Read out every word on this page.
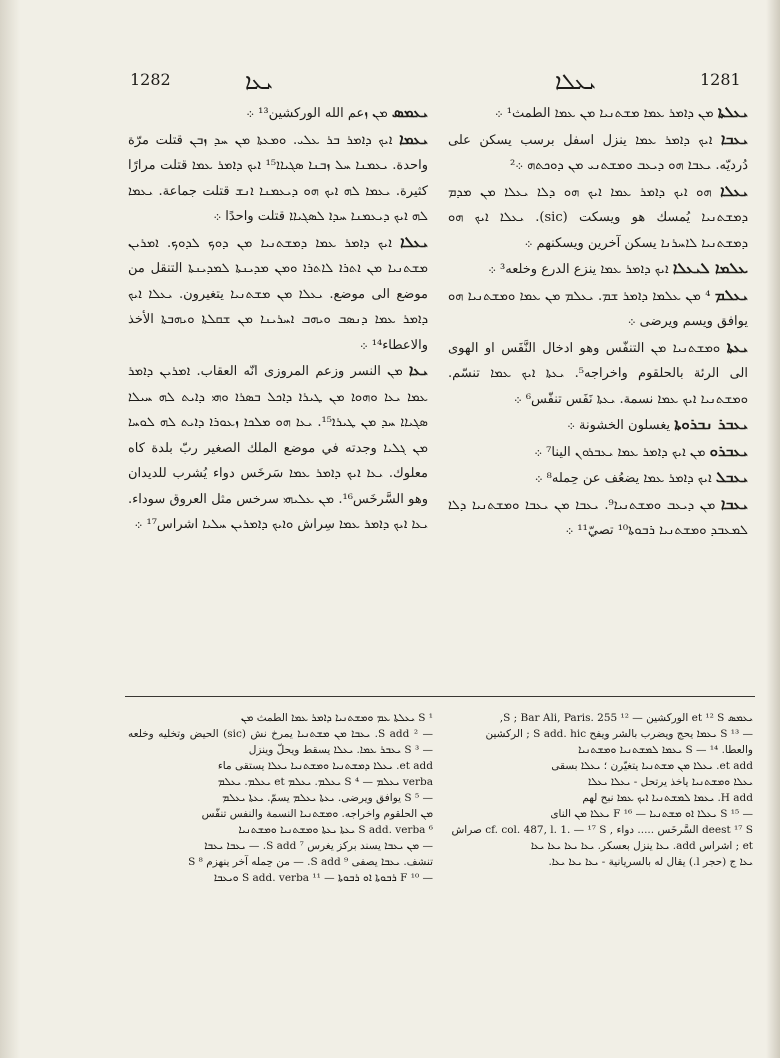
1282	ܝܥܐ	ܝܥܠܐ	1281

ܝܥܡܣ ܡܢ ܙعم الله الوركشين¹³ ܀

ܝܥܡܐ ܐܝܟ ܕܐܡܪ ܒܪ ܥܠܝ. ܘܡܥܬܐ ܡܢ ܚܕ ܙܒܢ قتلت مرّة واحدة. ܝܥܡܢܐ ܚܠ ܙܒܢܐ ܣܓܝܐܐ¹⁵ ܐܝܟ ܕܐܡܪ ܥܡܐ قتلت مرارًا كثيرة. ܝܥܡܐ ܠܗ ܐܝܟ ܗܘ ܕܝܥܡܢܐ ܐܢܫ قتلت جماعة. ܝܥܡܐ ܠܗ ܐܝܟ ܕܝܥܡܢܐ ܚܕܐ ܠܣܓܝܐܐ قتلت واحدًا ܀

ܝܥܠܐ ܐܝܟ ܕܐܡܪ ܥܡܐ ܕܡܫܬܢܝܐ ܡܢ ܕܘܟ ܠܕܘܟ. ܐܡܪܝܢ ܡܫܬܢܝܐ ܡܢ ܐܬܪܐ ܠܐܬܪܐ ܘܡܢ ܡܕܝܢܬܐ ܠܡܕܝܢܬܐ التنقل من موضع الى موضع. ܝܥܠܐ ܡܢ ܡܫܬܢܝܐ يتغيرون. ܝܥܠܐ ܐܝܟ ܕܐܡܪ ܥܡܐ ܕܢܣܒ ܘܝܗܒ ܐܚܪܝܢܐ ܡܢ ܫܩܠܬܐ ܘܝܗܒܬܐ الأخذ والاعطاء¹⁴ ܀

ܝܥܐ ܡܢ النسر وزعم المروزى انّه العقاب. ܐܡܪܝܢ ܕܐܡܪ ܥܡܐ ܝܥܐ ܘܗܘܐ ܡܢ ܛܝܪܐ ܕܐܟܠ ܒܣܪܐ ܘܗܝ ܕܐܝܬ ܠܗ ܚܝܠܐ ܣܓܝܐܐ ܚܕ ܡܢ ܛܝܪܐ¹⁵. ܝܥܐ ܗܘ ܡܠܟܐ ܙܥܘܪܐ ܕܐܝܬ ܠܗ ܠܘܚܐ ܡܢ ܓܠܝܐ وجدته في موضع الملك الصغير ربّ بلدة كاه معلوك. ܝܥܐ ܐܝܟ ܕܐܡܪ ܥܡܐ سَرخَس دواء يُشرب للديدان وهو السَّرخَس¹⁶. ܡܢ ܥܠܝܗܝ سرخس مثل العروق سوداء. ܝܥܐ ܐܝܟ ܕܐܡܪ ܥܡܐ سِراش ܘܐܝܟ ܕܐܡܪܝܢ ܚܠܝܐ اشراس¹⁷ ܀

ܝܥܠܬܐ ܡܢ ܕܐܡܪ ܥܡܐ ܡܫܬܢܝܐ ܡܢ ܥܡܐ الطمث¹ ܀

ܝܥܒܐ ܐܝܟ ܕܐܡܪ ܥܡܐ ينزل اسفل برسب يسكن على دُرديّه. ܝܥܒܐ ܗܘ ܕܝܥܒ ܘܡܫܬܢܝ ܡܢ ܕܘܟܬܗ ܀²

ܝܥܠܐ ܗܘ ܐܝܟ ܕܐܡܪ ܥܡܐ ܐܝܟ ܗܘ ܕܠܐ ܝܥܠܐ ܡܢ ܡܕܡ ܕܡܫܬܢܝܐ يُمسك هو ويسكت (sic). ܝܥܠܐ ܐܝܟ ܗܘ ܕܡܫܬܢܝܐ ܠܐܚܪܢܐ يسكن آخرين ويسكنهم ܀

ܥܠܡܐ ܠܝܥܠܐ ܐܝܟ ܕܐܡܪ ܥܡܐ ينزع الدرع وخلعه³ ܀

ܝܥܠܡ ⁴ ܡܢ ܥܠܡܐ ܕܐܡܪ ܫܡ. ܝܥܠܡ ܡܢ ܥܡܐ ܘܡܫܬܢܝܐ ܗܘ يوافق ويسم ويرضى ܀

ܝܥܬܐ ܘܡܫܬܢܝܐ ܡܢ التنفّس وهو ادخال النَّفَس او الهوى الى الرئة بالحلقوم واخراجه⁵. ܝܥܬܐ ܐܝܟ ܥܡܐ تنسّم. ܘܡܫܬܢܝܐ ܐܝܟ ܥܡܐ نسمة. ܝܥܬܐ نَفَس تنفّس⁶ ܀

ܝܥܒܪ ܢܒܪܘܬܐ يغسلون الخشونة ܀

ܝܥܒܪܘ ܡܢ ܐܝܟ ܕܐܡܪ ܥܡܐ ܝܥܒܪܘܢ الينا⁷ ܀

ܝܥܒܠ ܐܝܟ ܕܐܡܪ ܥܡܐ يضعُف عن حِمله⁸ ܀

ܝܥܒܐ ܡܢ ܕܝܥܒ ܘܡܫܬܢܝܐ⁹. ܝܥܒܐ ܡܢ ܝܥܒܐ ܘܡܫܬܢܝܐ ܕܠܐ ܠܡܥܒܕ ܘܡܫܬܢܝܐ ܪܒܘܬܐ¹⁰ تصيّ¹¹ ܀

¹ S ܝܥܠܬܐ ܥܡ ܘܡܫܬܢܝܐ ܕܐܡܪ ܥܡܐ الطمث ܡܢ

— ² S add. ܝܥܒܐ ܡܢ ܡܫܬܢܝܐ يمرخ نش (sic) الحيض وتخليه وخلعه — ³ S ܝܥܒܪ ܥܡܐ. ܝܥܠܐ يسقط ويحلّ وينزل

et add. ܝܥܠܐ ܕܡܫܬܢܝܐ ܘܡܫܬܢܝܐ ܝܥܠܐ يستقى ماء

verba ܝܥܠܡ — ⁴ S ܝܥܠܡ. ܝܥܠܡ et ܝܥܠܡ. ܝܥܠܡ

— ⁵ S يوافق ويرضى. ܝܥܬܐ ܝܥܠܡ يسمّ. ܝܥܬܐ ܝܥܠܡ

ܡܢ الحلقوم واخراجه. ܘܡܫܬܢܝܐ النسمة والنفس تنفّس

⁶ S add. verba ܝܥܬܐ ܝܥܬܐ ܘܡܫܬܢܝܐ ܘܡܫܬܢܝܐ

— ܡܢ ܝܥܒܐ يسند بركز يغرس ⁷ S add. — ܝܥܒܐ ܝܥܒܐ

تنشف. ܝܥܒܐ يصفى ⁹ S add. — من حِمله آخر ينهزم ⁸ S

— ¹⁰ F ܪܒܘܬܐ ܐܘ ܪܒܘܬܐ — ¹¹ S add. verba ܘܝܥܒܐ

ܝܥܡܣ et ¹² S الوركشين — ¹² S ; Bar Ali, Paris. 255,

— ¹³ S ܝܥܡܐ يحج ويضرب بالشر ويفح S add. hic ; الركشين

والعطا. S — ¹⁴ ܝܥܡܐ ܠܡܫܬܢܝܐ ܘܡܫܬܢܝܐ

et add. ܝܥܠܐ ܡܢ ܡܫܬܢܝܐ يتغيّرن ؛ ܝܥܠܐ بسقى

ܝܥܠܐ ܘܡܫܬܢܝܐ ياخذ يرتحل - ܝܥܠܐ ܝܥܠܐ

H add. ܝܥܡܐ ܠܡܫܬܢܝܐ ܐܝܟ ܥܡܐ نبح لهم

— ¹⁵ S ܝܥܠܐ ܐܘ ܡܫܬܢܝܐ — ¹⁶ F ܝܥܠܐ ܡܢ الناى

deest ¹⁷ S السَّرخَس ..... دواء , cf. col. 487, l. 1. — ¹⁷ S صراش

et ; اشراس add. ܝܥܐ ينزل بعسكر. ܝܥܐ ܝܥܐ ܝܥܐ ܝܥܐ

ܝܥܐ ج (حجر l.) يقال له بالسريانية - ܝܥܐ ܝܥܐ ܝܥܐ.
